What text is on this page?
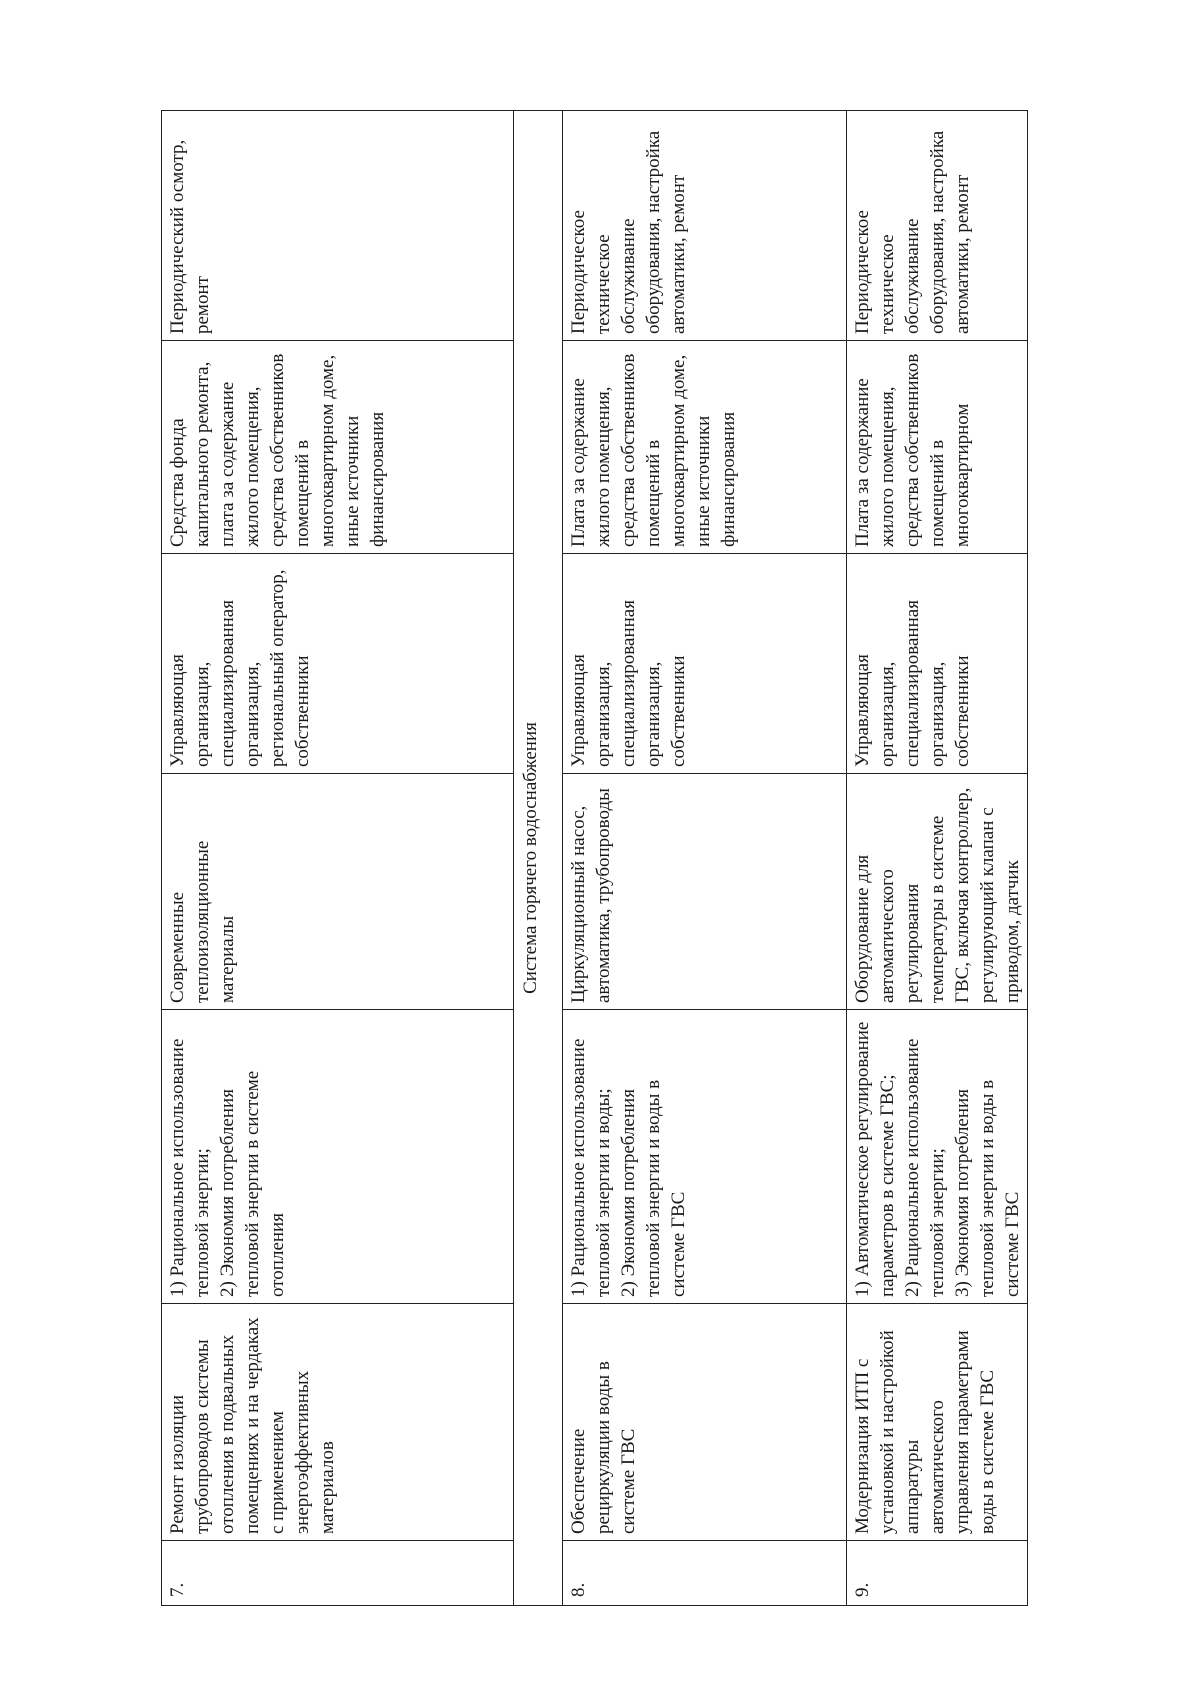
7.	Ремонт изоляции трубопроводов системы отопления в подвальных помещениях и на чердаках с применением энергоэффективных материалов	1) Рациональное использование тепловой энергии;
2) Экономия потребления тепловой энергии в системе отопления	Современные теплоизоляционные материалы	Управляющая организация, специализированная организация, региональный оператор, собственники	Средства фонда капитального ремонта, плата за содержание жилого помещения, средства собственников помещений в многоквартирном доме, иные источники финансирования	Периодический осмотр, ремонт
Система горячего водоснабжения						
8.	Обеспечение рециркуляции воды в системе ГВС	1) Рациональное использование тепловой энергии и воды;
2) Экономия потребления тепловой энергии и воды в системе ГВС	Циркуляционный насос, автоматика, трубопроводы	Управляющая организация, специализированная организация, собственники	Плата за содержание жилого помещения, средства собственников помещений в многоквартирном доме, иные источники финансирования	Периодическое техническое обслуживание оборудования, настройка автоматики, ремонт
9.	Модернизация ИТП с установкой и настройкой аппаратуры автоматического управления параметрами воды в системе ГВС	1) Автоматическое регулирование параметров в системе ГВС;
2) Рациональное использование тепловой энергии;
3) Экономия потребления тепловой энергии и воды в системе ГВС	Оборудование для автоматического регулирования температуры в системе ГВС, включая контроллер, регулирующий клапан с приводом, датчик	Управляющая организация, специализированная организация, собственники	Плата за содержание жилого помещения, средства собственников помещений в многоквартирном	Периодическое техническое обслуживание оборудования, настройка автоматики, ремонт
